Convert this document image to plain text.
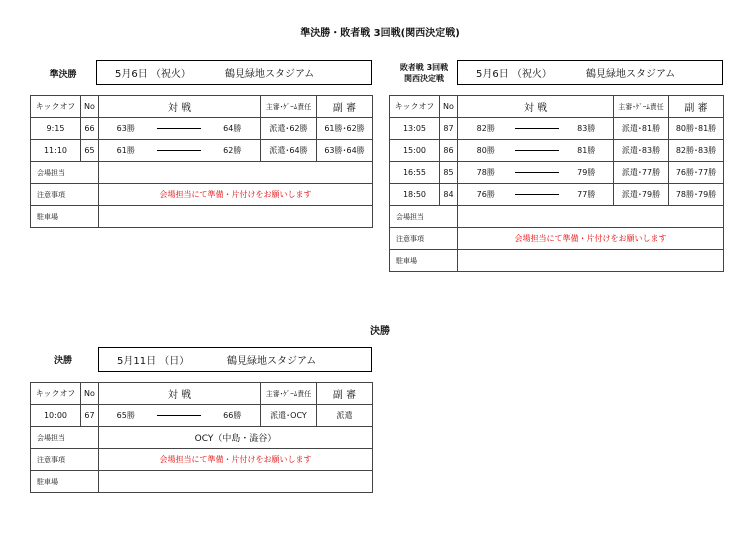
準決勝・敗者戦 3回戦(関西決定戦)
準決勝	5月6日 （祝火）	鶴見緑地スタジアム
キックオフ	No	対 戦			主審･ｹﾞｰﾑ責任	副 審
9:15	66	63勝		64勝	派遣･62勝	61勝･62勝
11:10	65	61勝		62勝	派遣･64勝	63勝･64勝
会場担当						
注意事項		会場担当にて準備・片付けをお願いします				
駐車場						
敗者戦 3回戦
関西決定戦	5月6日 （祝火）	鶴見緑地スタジアム
キックオフ	No	対 戦			主審･ｹﾞｰﾑ責任	副 審
13:05	87	82勝		83勝	派遣･81勝	80勝･81勝
15:00	86	80勝		81勝	派遣･83勝	82勝･83勝
16:55	85	78勝		79勝	派遣･77勝	76勝･77勝
18:50	84	76勝		77勝	派遣･79勝	78勝･79勝
会場担当						
注意事項		会場担当にて準備・片付けをお願いします				
駐車場						
決勝
決勝	5月11日 （日）	鶴見緑地スタジアム
キックオフ	No	対 戦			主審･ｹﾞｰﾑ責任	副 審
10:00	67	65勝		66勝	派遣･OCY	派遣
会場担当		OCY（中島・澁谷）				
注意事項		会場担当にて準備・片付けをお願いします				
駐車場						
